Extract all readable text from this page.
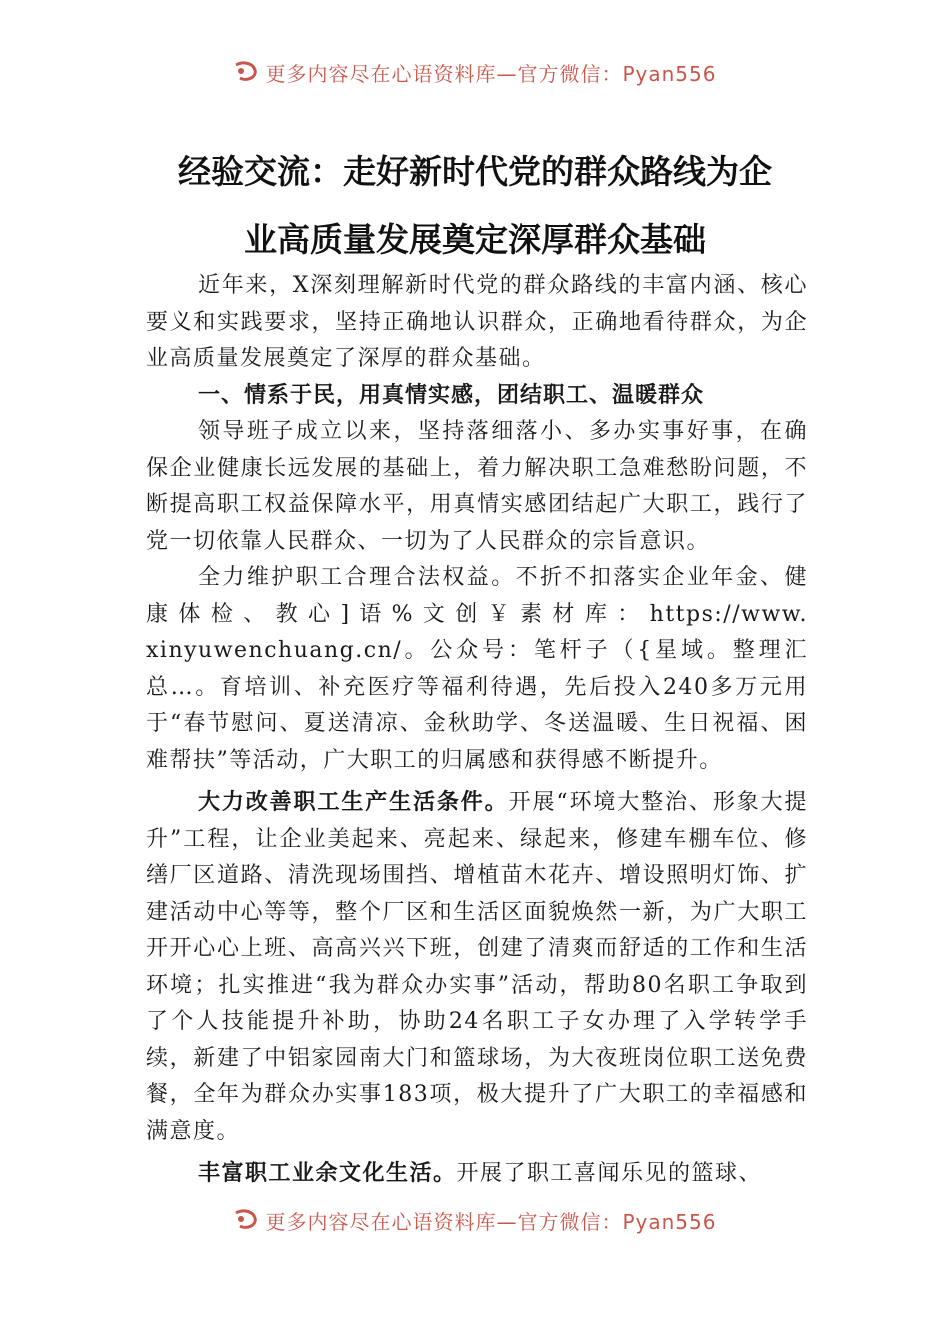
更多内容尽在心语资料库—官方微信：Pyan556
经验交流：走好新时代党的群众路线为企
业高质量发展奠定深厚群众基础

近年来，X深刻理解新时代党的群众路线的丰富内涵、核心要义和实践要求，坚持正确地认识群众，正确地看待群众，为企业高质量发展奠定了深厚的群众基础。

一、情系于民，用真情实感，团结职工、温暖群众

领导班子成立以来，坚持落细落小、多办实事好事，在确保企业健康长远发展的基础上，着力解决职工急难愁盼问题，不断提高职工权益保障水平，用真情实感团结起广大职工，践行了党一切依靠人民群众、一切为了人民群众的宗旨意识。

全力维护职工合理合法权益。不折不扣落实企业年金、健 康 体 检 、 教 心 ] 语 % 文 创 ￥ 素 材 库 ： https://www.xinyuwenchuang.cn/。公众号：笔杆子（{星域。整理汇总…。育培训、补充医疗等福利待遇，先后投入240多万元用于“春节慰问、夏送清凉、金秋助学、冬送温暖、生日祝福、困难帮扶”等活动，广大职工的归属感和获得感不断提升。

大力改善职工生产生活条件。开展“环境大整治、形象大提升”工程，让企业美起来、亮起来、绿起来，修建车棚车位、修缮厂区道路、清洗现场围挡、增植苗木花卉、增设照明灯饰、扩建活动中心等等，整个厂区和生活区面貌焕然一新，为广大职工开开心心上班、高高兴兴下班，创建了清爽而舒适的工作和生活环境；扎实推进“我为群众办实事”活动，帮助80名职工争取到了个人技能提升补助，协助24名职工子女办理了入学转学手续，新建了中铝家园南大门和篮球场，为大夜班岗位职工送免费餐，全年为群众办实事183项，极大提升了广大职工的幸福感和满意度。

丰富职工业余文化生活。开展了职工喜闻乐见的篮球、

更多内容尽在心语资料库—官方微信：Pyan556
